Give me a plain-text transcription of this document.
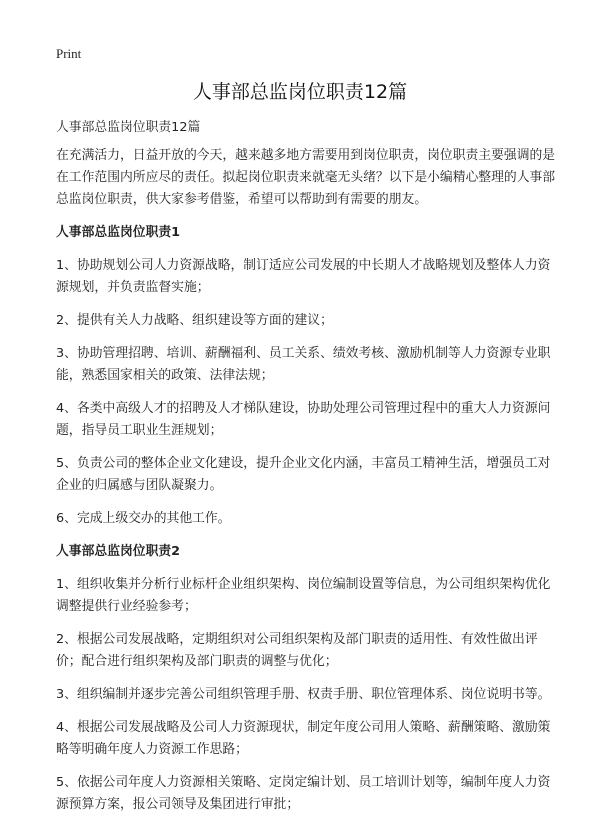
Print
人事部总监岗位职责12篇

人事部总监岗位职责12篇

在充满活力，日益开放的今天，越来越多地方需要用到岗位职责，岗位职责主要强调的是在工作范围内所应尽的责任。拟起岗位职责来就毫无头绪？以下是小编精心整理的人事部总监岗位职责，供大家参考借鉴，希望可以帮助到有需要的朋友。

人事部总监岗位职责1

1、协助规划公司人力资源战略，制订适应公司发展的中长期人才战略规划及整体人力资源规划，并负责监督实施；

2、提供有关人力战略、组织建设等方面的建议；

3、协助管理招聘、培训、薪酬福利、员工关系、绩效考核、激励机制等人力资源专业职能，熟悉国家相关的政策、法律法规；

4、各类中高级人才的招聘及人才梯队建设，协助处理公司管理过程中的重大人力资源问题，指导员工职业生涯规划；

5、负责公司的整体企业文化建设，提升企业文化内涵，丰富员工精神生活，增强员工对企业的归属感与团队凝聚力。

6、完成上级交办的其他工作。

人事部总监岗位职责2

1、组织收集并分析行业标杆企业组织架构、岗位编制设置等信息，为公司组织架构优化调整提供行业经验参考；

2、根据公司发展战略，定期组织对公司组织架构及部门职责的适用性、有效性做出评价；配合进行组织架构及部门职责的调整与优化；

3、组织编制并逐步完善公司组织管理手册、权责手册、职位管理体系、岗位说明书等。

4、根据公司发展战略及公司人力资源现状，制定年度公司用人策略、薪酬策略、激励策略等明确年度人力资源工作思路；

5、依据公司年度人力资源相关策略、定岗定编计划、员工培训计划等，编制年度人力资源预算方案，报公司领导及集团进行审批；
